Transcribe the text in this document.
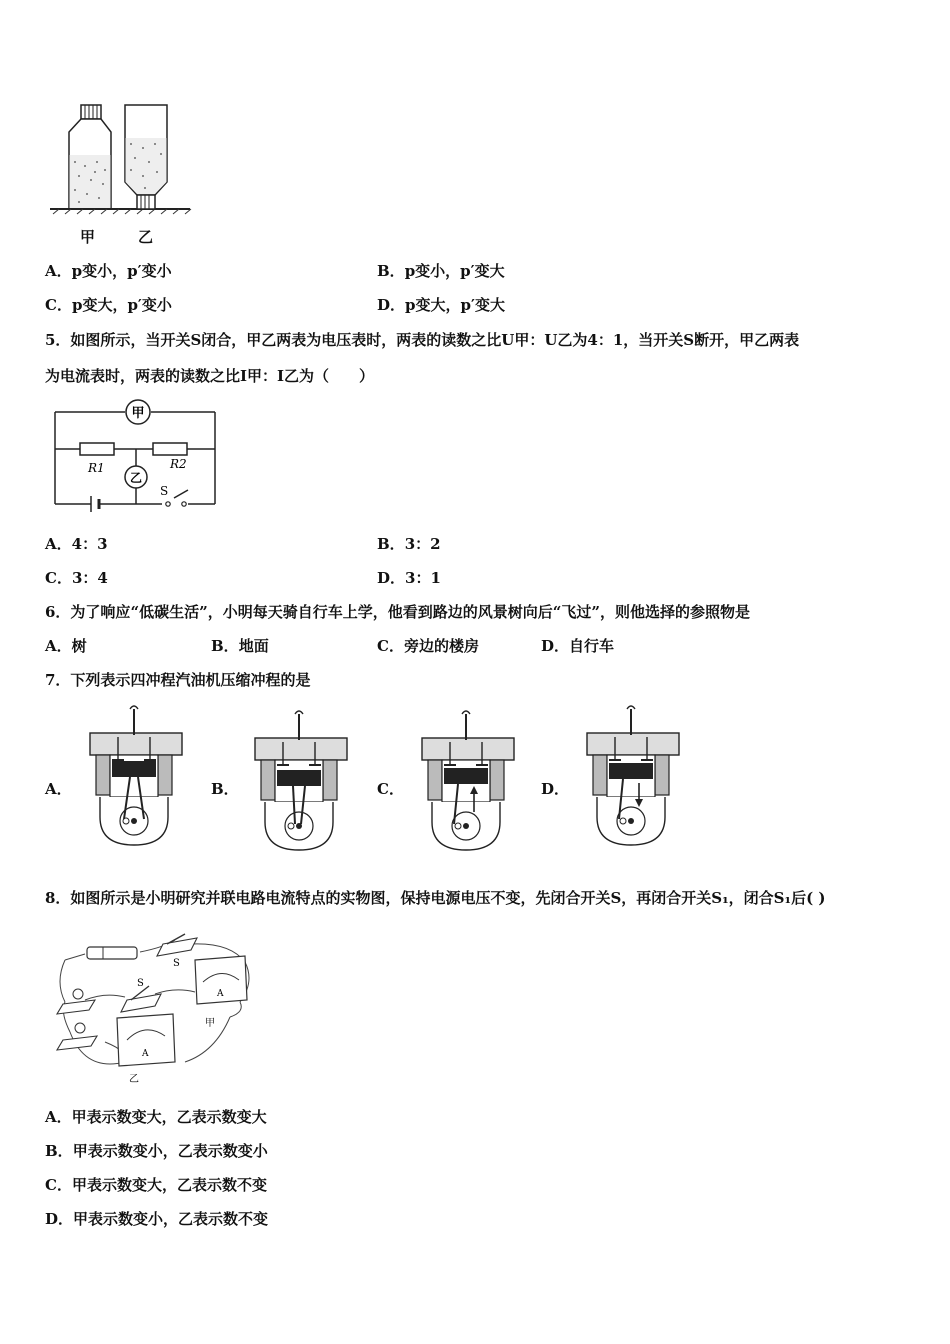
甲	乙
A．p变小，p′变小	B．p变小，p′变大
C．p变大，p′变小	D．p变大，p′变大
5．如图所示，当开关S闭合，甲乙两表为电压表时，两表的读数之比U甲：U乙为4：1，当开关S断开，甲乙两表
为电流表时，两表的读数之比I甲：I乙为（　　）
甲
乙
R1	R2
S
A．4：3	B．3：2
C．3：4	D．3：1
6．为了响应“低碳生活”，小明每天骑自行车上学，他看到路边的风景树向后“飞过”，则他选择的参照物是
A．树	B．地面	C．旁边的楼房	D．自行车
7．下列表示四冲程汽油机压缩冲程的是
A．	B．	C．	D．
8．如图所示是小明研究并联电路电流特点的实物图，保持电源电压不变，先闭合开关S，再闭合开关S₁，闭合S₁后( )
S
S
A
甲
A
乙
A．甲表示数变大，乙表示数变大
B．甲表示数变小，乙表示数变小
C．甲表示数变大，乙表示数不变
D．甲表示数变小，乙表示数不变
